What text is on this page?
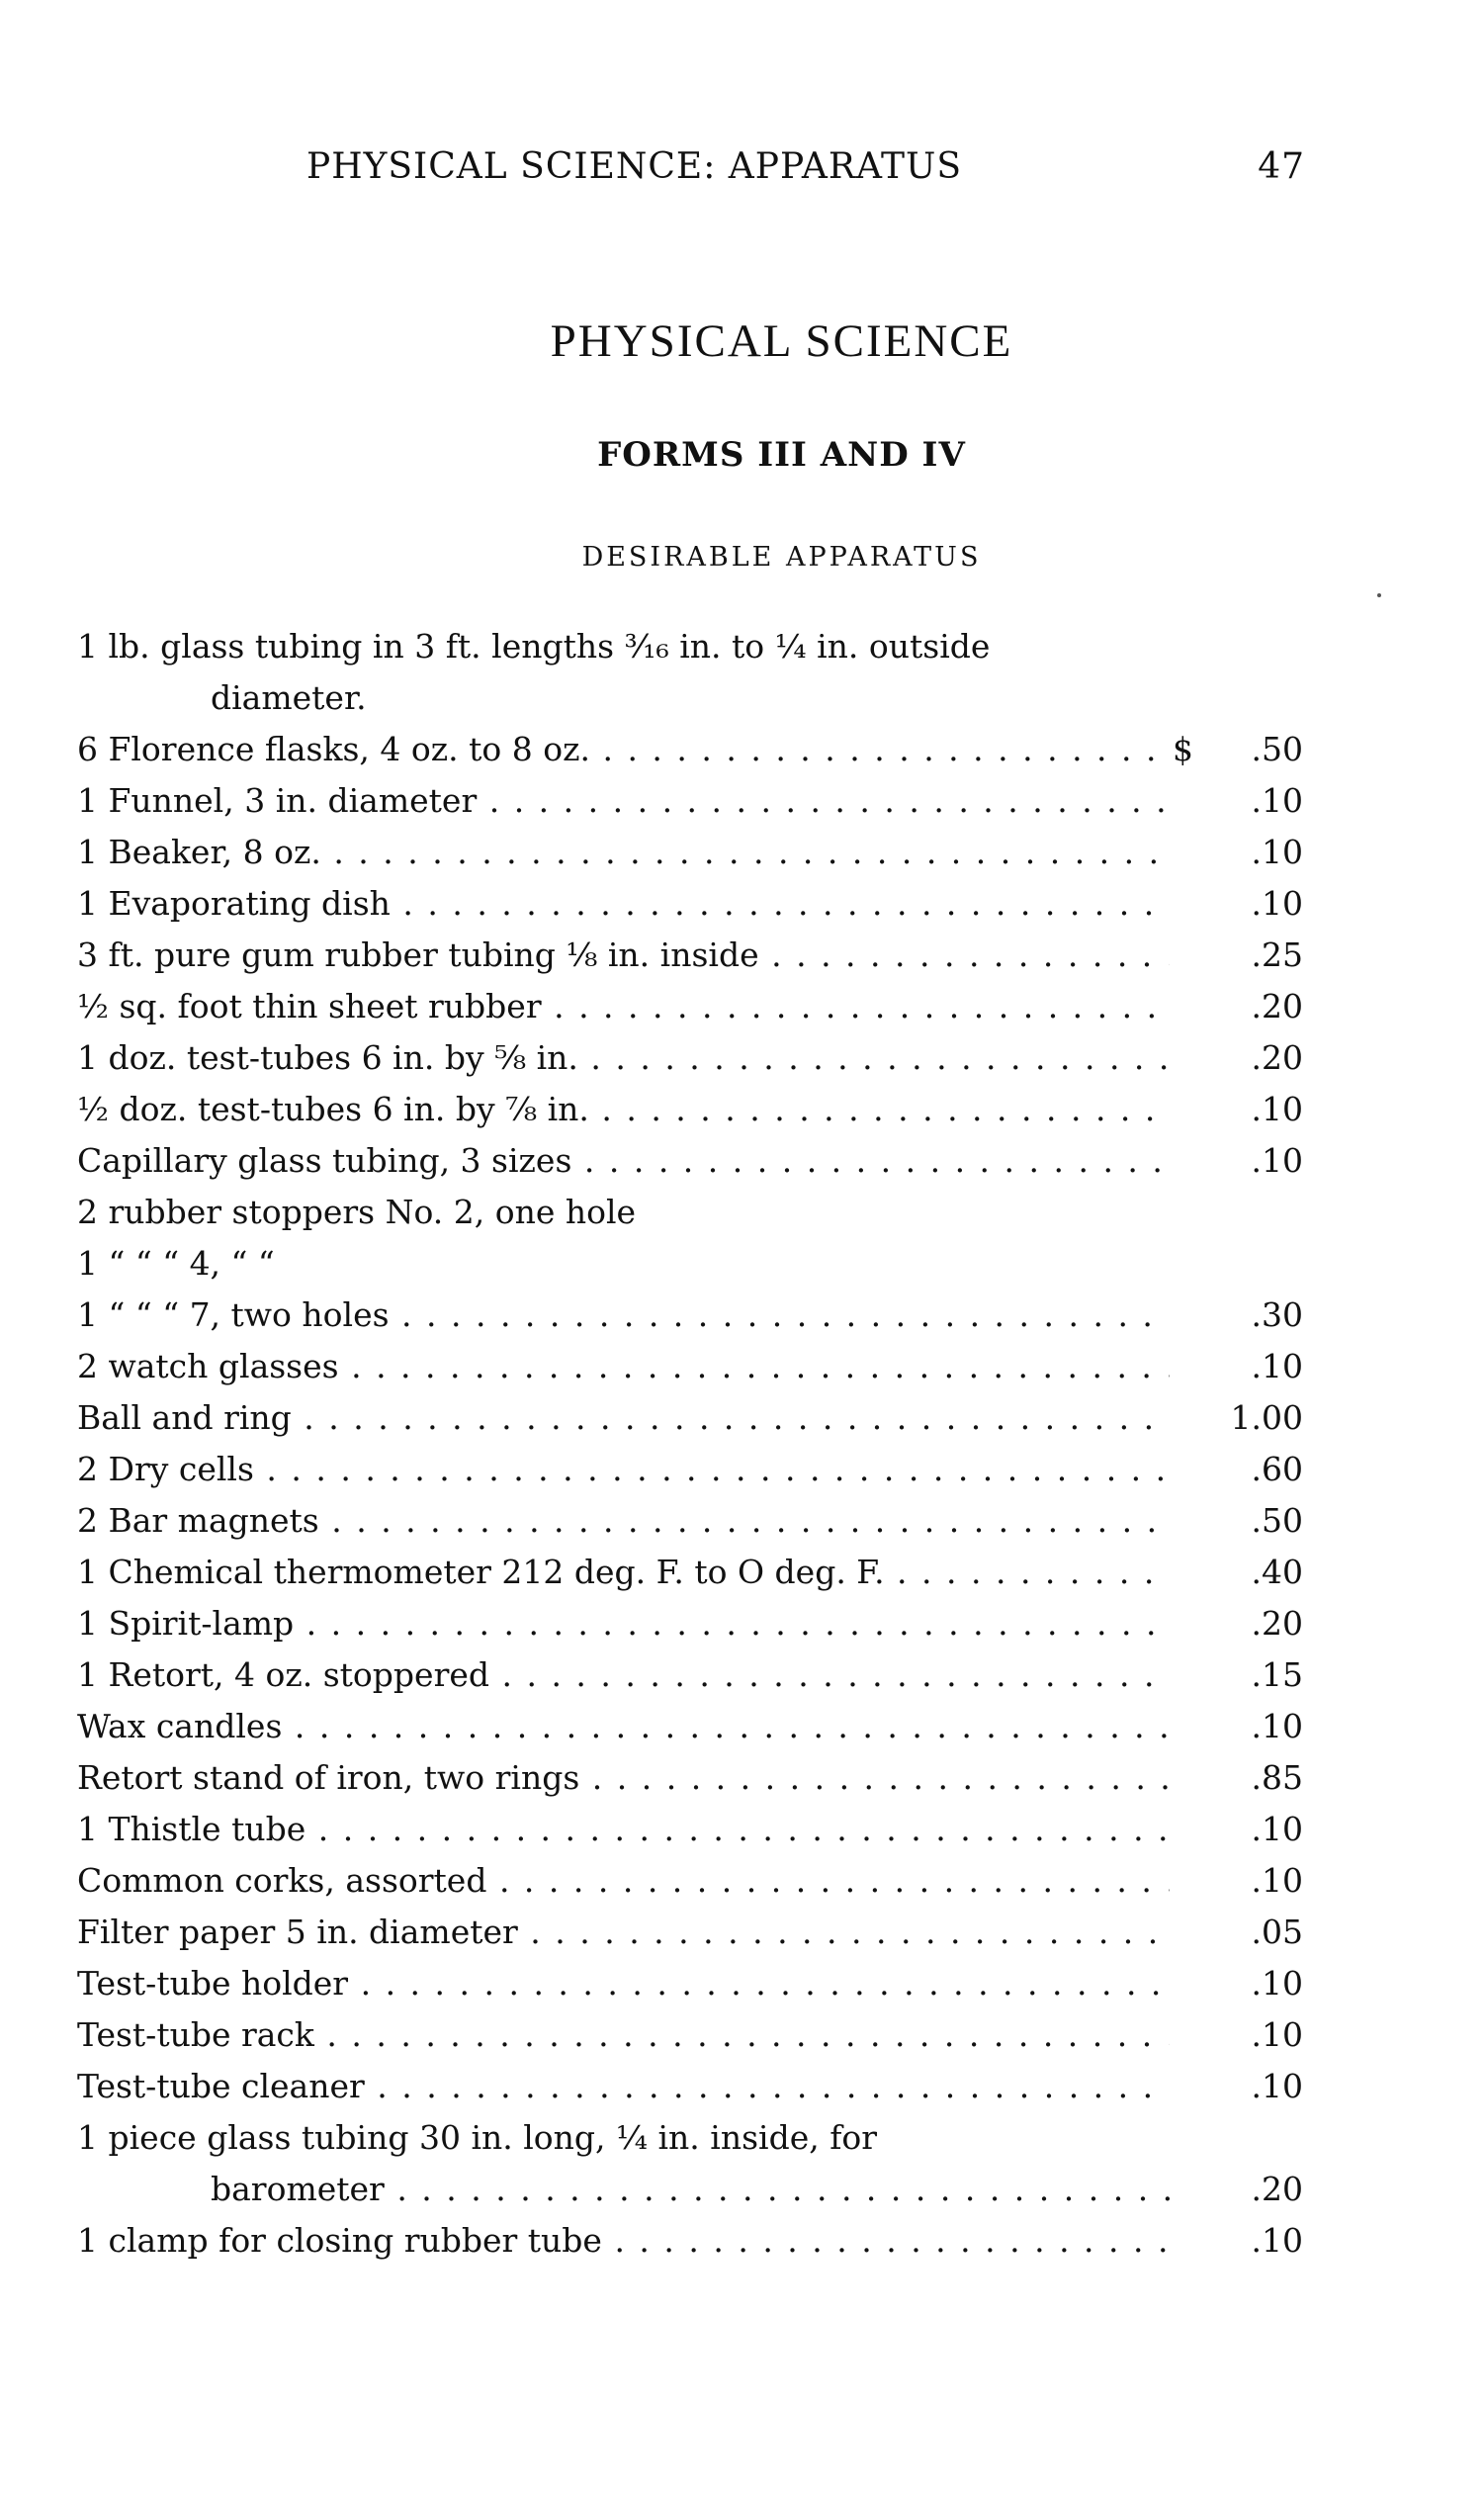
PHYSICAL SCIENCE: APPARATUS	47
PHYSICAL SCIENCE
FORMS III AND IV
DESIRABLE APPARATUS
1 lb. glass tubing in 3 ft. lengths ³⁄₁₆ in. to ¼ in. outside
diameter.
6 Florence flasks, 4 oz. to 8 oz. . . .	$	.50
1 Funnel, 3 in. diameter . . .	.10
1 Beaker, 8 oz. . . .	.10
1 Evaporating dish . . .	.10
3 ft. pure gum rubber tubing ⅛ in. inside . . .	.25
½ sq. foot thin sheet rubber . . .	.20
1 doz. test-tubes 6 in. by ⅝ in. . . .	.20
½ doz. test-tubes 6 in. by ⅞ in. . . .	.10
Capillary glass tubing, 3 sizes . . .	.10
2 rubber stoppers No. 2, one hole
1 “ “ “ 4, “ “
1 “ “ “ 7, two holes . . .	.30
2 watch glasses . . .	.10
Ball and ring . . .	1.00
2 Dry cells . . .	.60
2 Bar magnets . . .	.50
1 Chemical thermometer 212 deg. F. to O deg. F. . . .	.40
1 Spirit-lamp . . .	.20
1 Retort, 4 oz. stoppered . . .	.15
Wax candles . . .	.10
Retort stand of iron, two rings . . .	.85
1 Thistle tube . . .	.10
Common corks, assorted . . .	.10
Filter paper 5 in. diameter . . .	.05
Test-tube holder . . .	.10
Test-tube rack . . .	.10
Test-tube cleaner . . .	.10
1 piece glass tubing 30 in. long, ¼ in. inside, for
barometer . . .	.20
1 clamp for closing rubber tube . . .	.10
